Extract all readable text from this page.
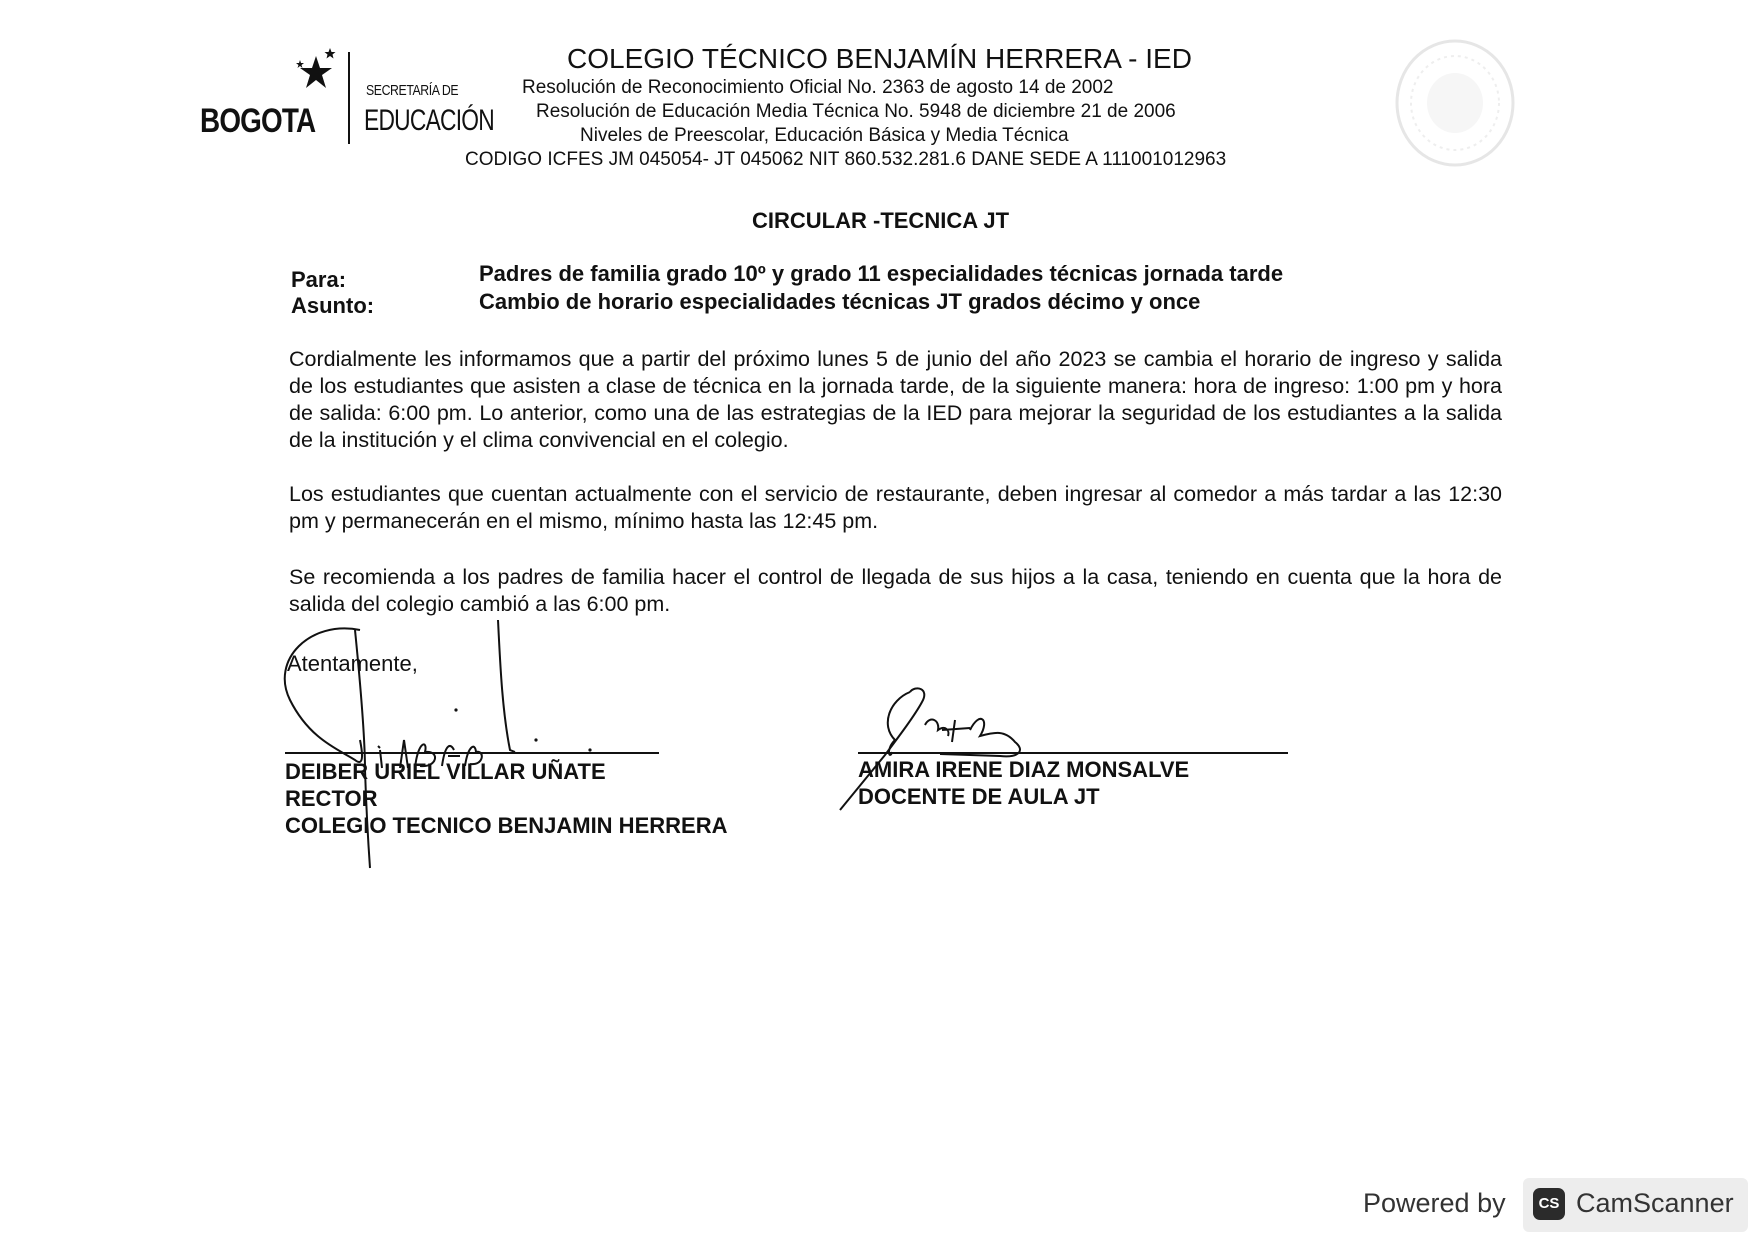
BOGOTA
SECRETARÍA DE
EDUCACIÓN
COLEGIO TÉCNICO BENJAMÍN HERRERA - IED
Resolución de Reconocimiento Oficial No. 2363 de agosto 14 de 2002
Resolución de Educación Media Técnica No. 5948 de diciembre 21 de 2006
Niveles de Preescolar, Educación Básica y Media Técnica
CODIGO ICFES JM 045054- JT 045062 NIT 860.532.281.6 DANE SEDE A 111001012963
CIRCULAR -TECNICA JT
Para:	Padres de familia grado 10º y grado 11 especialidades técnicas jornada tarde
Asunto:	Cambio de horario especialidades técnicas JT grados décimo y once

Cordialmente les informamos que a partir del próximo lunes 5 de junio del año 2023 se cambia el horario de ingreso y salida de los estudiantes que asisten a clase de técnica en la jornada tarde, de la siguiente manera: hora de ingreso: 1:00 pm y hora de salida: 6:00 pm. Lo anterior, como una de las estrategias de la IED para mejorar la seguridad de los estudiantes a la salida de la institución y el clima convivencial en el colegio.

Los estudiantes que cuentan actualmente con el servicio de restaurante, deben ingresar al comedor a más tardar a las 12:30 pm y permanecerán en el mismo, mínimo hasta las 12:45 pm.

Se recomienda a los padres de familia hacer el control de llegada de sus hijos a la casa, teniendo en cuenta que la hora de salida del colegio cambió a las 6:00 pm.

Atentamente,
DEIBER URIEL VILLAR UÑATE
RECTOR
COLEGIO TECNICO BENJAMIN HERRERA
AMIRA IRENE DIAZ MONSALVE
DOCENTE DE AULA JT
Powered by	CS CamScanner
